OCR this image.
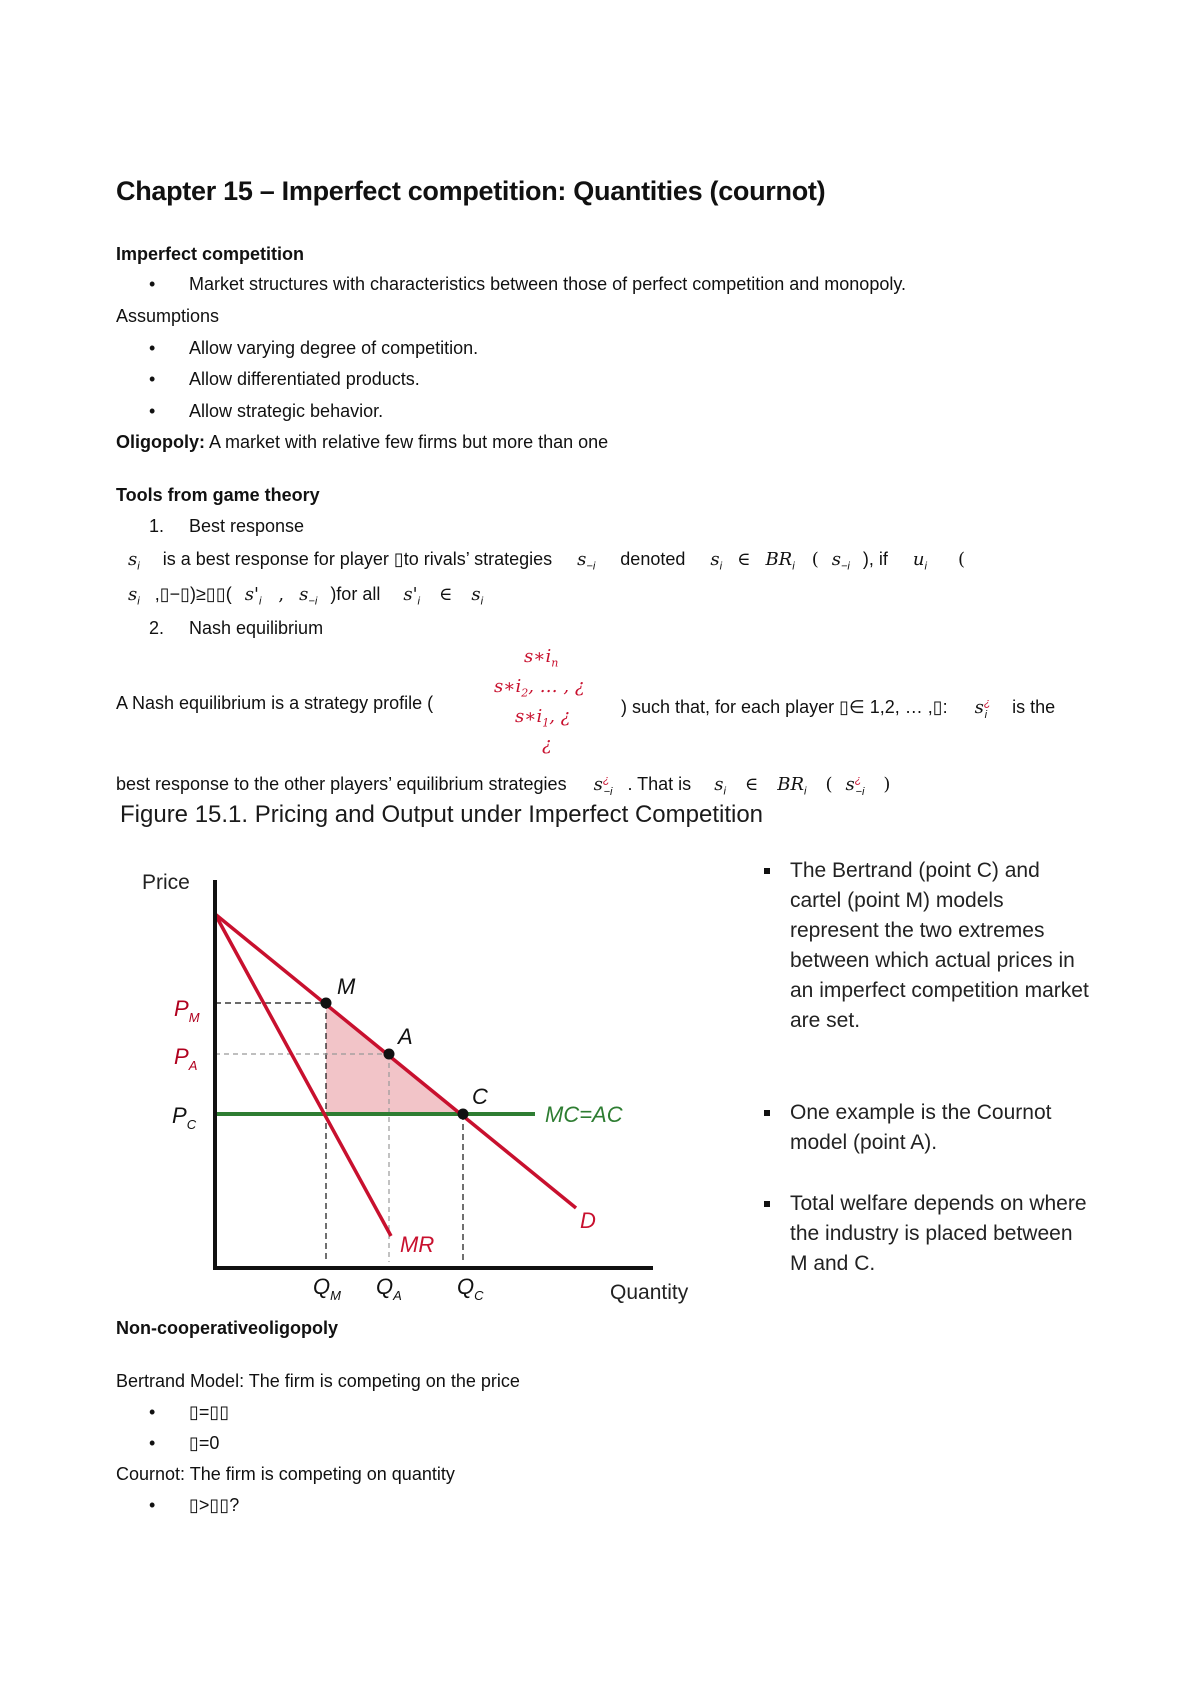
Chapter 15 – Imperfect competition: Quantities (cournot)
Imperfect competition
• Market structures with characteristics between those of perfect competition and monopoly.
Assumptions
• Allow varying degree of competition.
• Allow differentiated products.
• Allow strategic behavior.
Oligopoly: A market with relative few firms but more than one
Tools from game theory
1. Best response
$s_i$ is a best response for player ▯to rivals’ strategies $s_{-i}$ denoted $s_i$ ∈ $BR_i$ ( $s_{-i}$ ), if $u_i$ (
$s_i$ ,▯−▯)≥▯▯( $s'_i$ , $s_{-i}$ )for all $s'_i$ ∈ $s_i$
2. Nash equilibrium
$s∗i_n$
$s∗i_2$, … , ¿
A Nash equilibrium is a strategy profile (	) such that, for each player ▯∈ 1,2, … ,▯: $s^¿_i$ is the
$s∗i_1$, ¿
¿
best response to the other players’ equilibrium strategies $s^¿_{-i}$ . That is $s_i$ ∈ $BR_i$ ( $s^¿_{-i}$ )
Figure 15.1. Pricing and Output under Imperfect Competition
Price
Quantity
$P_M$
$P_A$
$P_C$
$Q_M$ $Q_A$	$Q_C$
M
A
C
MC=AC
MR
D
The Bertrand (point C) and cartel (point M) models represent the two extremes between which actual prices in an imperfect competition market are set.
One example is the Cournot model (point A).
Total welfare depends on where the industry is placed between M and C.
Non-cooperativeoligopoly
Bertrand Model: The firm is competing on the price
• ▯=▯▯
• ▯=0
Cournot: The firm is competing on quantity
• ▯>▯▯?
